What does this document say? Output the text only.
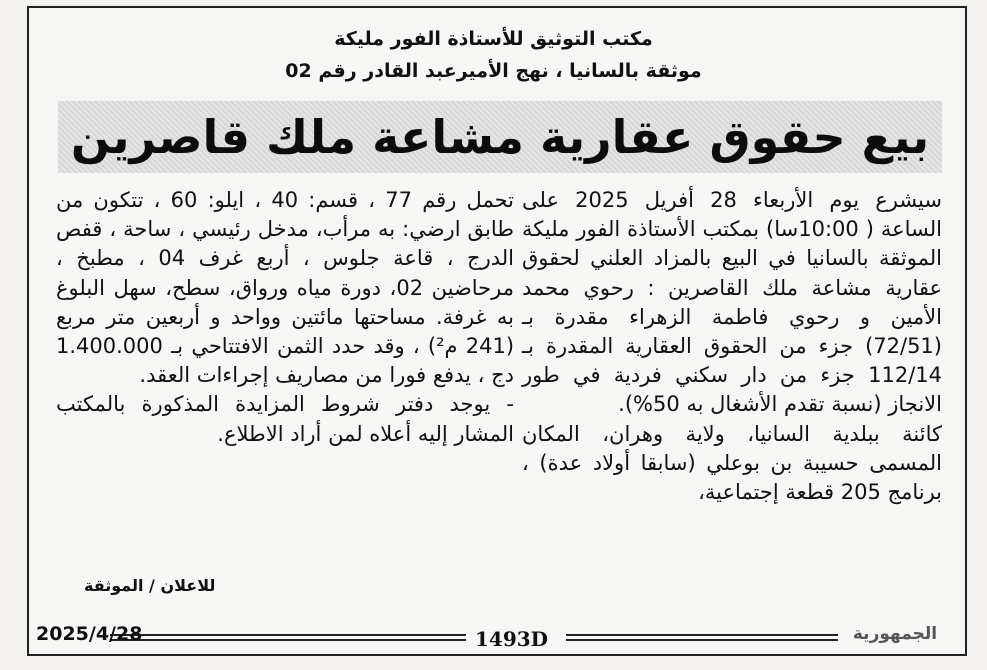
مكتب التوثيق للأستاذة الفور مليكة
موثقة بالسانيا ، نهج الأميرعبد القادر رقم 02
بيع حقوق عقارية مشاعة ملك قاصرين

سيشرع يوم الأربعاء 28 أفريل 2025 على الساعة ( 10:00سا) بمكتب الأستاذة الفور مليكة الموثقة بالسانيا في البيع بالمزاد العلني لحقوق عقارية مشاعة ملك القاصرين : رحوي محمد الأمين و رحوي فاطمة الزهراء مقدرة بـ (72/51) جزء من الحقوق العقارية المقدرة بـ 112/14 جزء من دار سكني فردية في طور الانجاز (نسبة تقدم الأشغال به 50%).

كائنة ببلدية السانيا، ولاية وهران، المكان المسمى حسيبة بن بوعلي (سابقا أولاد عدة) ، برنامج 205 قطعة إجتماعية،

تحمل رقم 77 ، قسم: 40 ، ايلو: 60 ، تتكون من طابق ارضي: به مرأب، مدخل رئيسي ، ساحة ، قفص الدرج ، قاعة جلوس ، أربع غرف 04 ، مطبخ ، مرحاضين 02، دورة مياه ورواق، سطح، سهل البلوغ به غرفة. مساحتها مائتين وواحد و أربعين متر مربع (241 م²) ، وقد حدد الثمن الافتتاحي بـ 1.400.000 دج ، يدفع فورا من مصاريف إجراءات العقد.

- يوجد دفتر شروط المزايدة المذكورة بالمكتب المشار إليه أعلاه لمن أراد الاطلاع.

للاعلان / الموثقة
2025/4/28	1493D	الجمهورية
